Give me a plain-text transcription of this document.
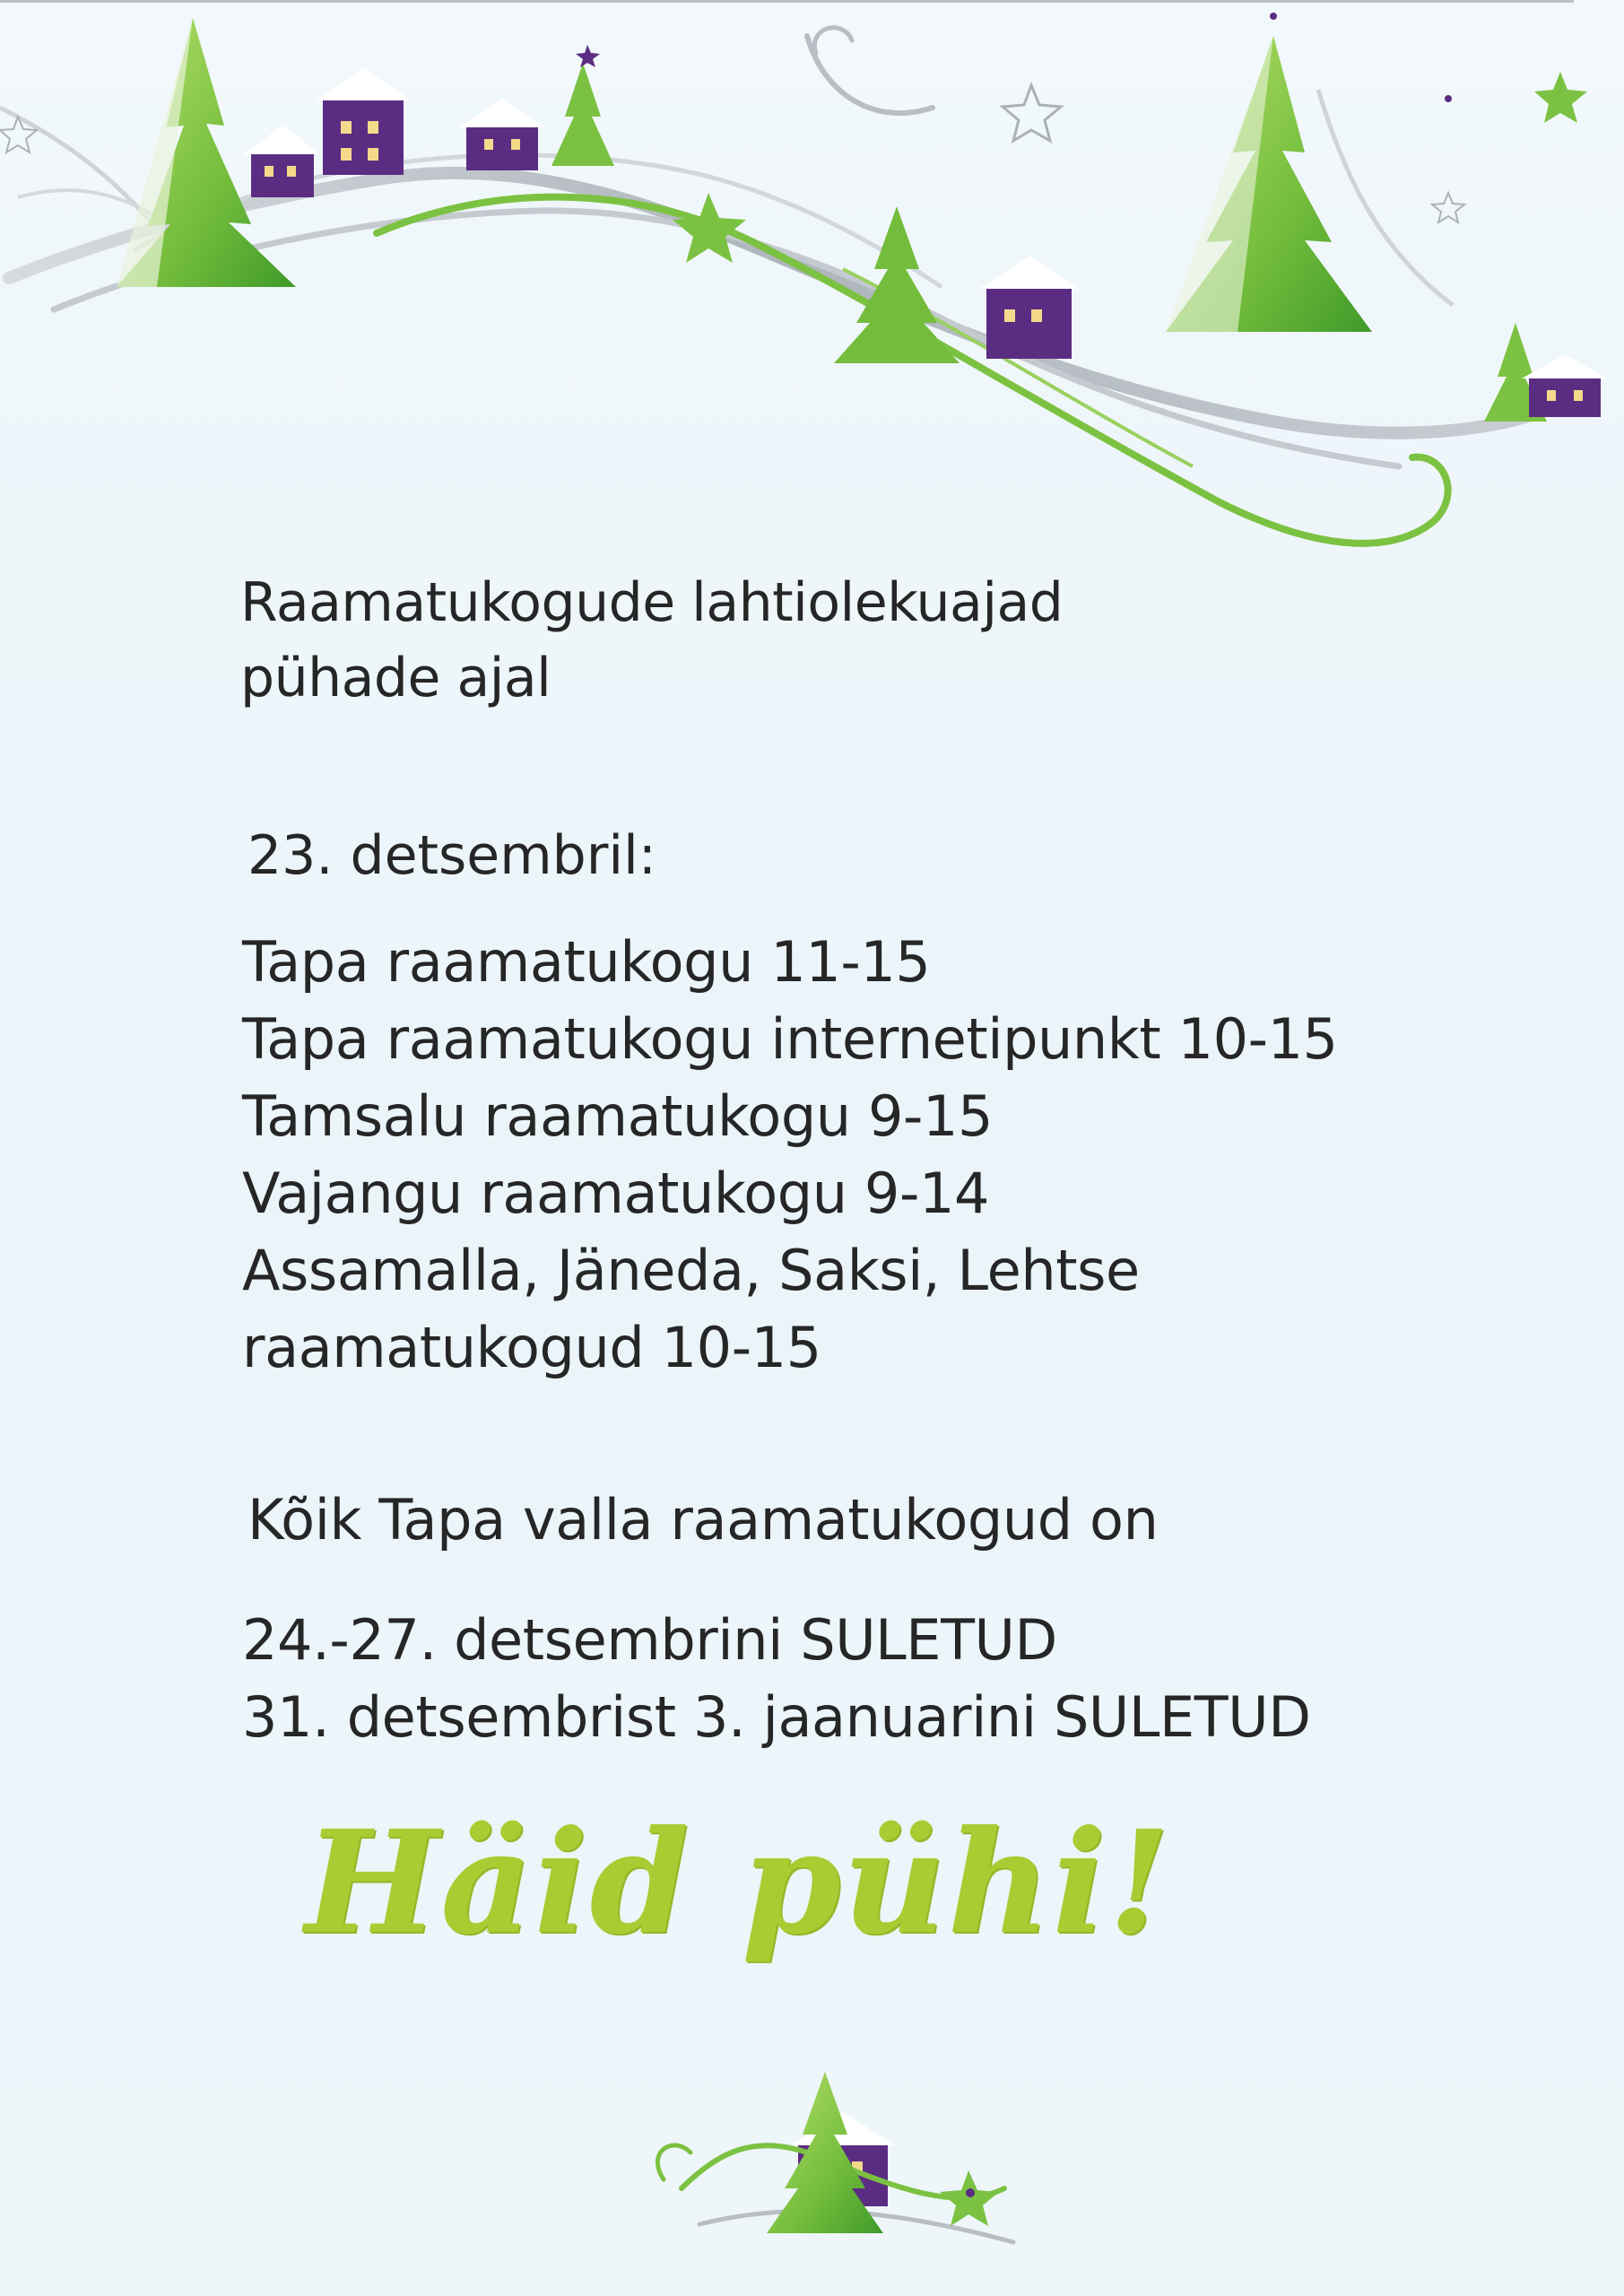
Raamatukogude lahtiolekuajad
pühade ajal
23. detsembril:
Tapa raamatukogu 11-15
Tapa raamatukogu internetipunkt 10-15
Tamsalu raamatukogu 9-15
Vajangu raamatukogu 9-14
Assamalla, Jäneda, Saksi, Lehtse
raamatukogud 10-15
Kõik Tapa valla raamatukogud on
24.-27. detsembrini SULETUD
31. detsembrist 3. jaanuarini SULETUD
Häid pühi!
